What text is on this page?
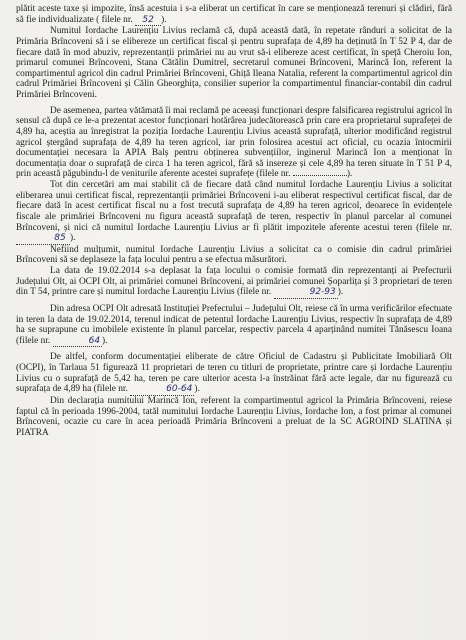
plătit aceste taxe și impozite, însă acestuia i s-a eliberat un certificat în care se menționează terenuri și clădiri, fără să fie individualizate ( filele nr. 52 ).

Numitul Iordache Laurențiu Livius reclamă că, după această dată, în repetate rânduri a solicitat de la Primăria Brîncoveni să i se elibereze un certificat fiscal și pentru suprafața de 4,89 ha deținută în T 52 P 4, dar de fiecare dată în mod abuziv, reprezentanții primăriei nu au vrut să-i elibereze acest certificat, în speță Cheroiu Ion, primarul comunei Brîncoveni, Stana Cătălin Dumitrel, secretarul comunei Brîncoveni, Marincă Ion, referent la compartimentul agricol din cadrul Primăriei Brîncoveni, Ghiță Ileana Natalia, referent la compartimentul agricol din cadrul Primăriei Brîncoveni și Călin Gheorghița, consilier superior la compartimentul financiar-contabil din cadrul Primăriei Brîncoveni.

De asemenea, partea vătămată îi mai reclamă pe aceeași funcționari despre falsificarea registrului agricol în sensul că după ce le-a prezentat acestor funcționari hotărârea judecătorească prin care era proprietarul suprafeței de 4,89 ha, aceștia au înregistrat la poziția Iordache Laurențiu Livius această suprafață, ulterior modificând registrul agricol ștergând suprafața de 4,89 ha teren agricol, iar prin folosirea acestui act oficial, cu ocazia întocmirii documentației necesara la APIA Balș pentru obținerea subvențiilor, inginerul Marincă Ion a menționat în documentația doar o suprafață de circa 1 ha teren agricol, fără să insereze și cele 4,89 ha teren situate în T 51 P 4, prin această păgubindu-l de veniturile aferente acestei suprafețe (filele nr.	).

Tot din cercetări am mai stabilit că de fiecare dată când numitul Iordache Laurențiu Livius a solicitat eliberarea unui certificat fiscal, reprezentanții primăriei Brîncoveni i-au eliberat respectivul certificat fiscal, dar de fiecare dată în acest certificat fiscal nu a fost trecută suprafața de 4,89 ha teren agricol, deoarece în evidențele fiscale ale primăriei Brîncoveni nu figura această suprafață de teren, respectiv în planul parcelar al comunei Brîncoveni, și nici că numitul Iordache Laurențiu Livius ar fi plătit impozitele aferente acestui teren (filele nr. 85 ).

Nefiind mulțumit, numitul Iordache Laurențiu Livius a solicitat ca o comisie din cadrul primăriei Brîncoveni să se deplaseze la fața locului pentru a se efectua măsurători.

La data de 19.02.2014 s-a deplasat la fața locului o comisie formată din reprezentanți ai Prefecturii Județului Olt, ai OCPI Olt, ai primăriei comunei Brîncoveni, ai primăriei comunei Șoparlița și 3 proprietari de teren din T 54, printre care și numitul Iordache Laurențiu Livius (filele nr.	92-93 ).

Din adresa OCPI Olt adresată Instituției Prefectului – Județului Olt, reiese că în urma verificărilor efectuate in teren la data de 19.02.2014, terenul indicat de petentul Iordache Laurențiu Livius, respectiv în suprafața de 4,89 ha se suprapune cu imobilele existente în planul parcelar, respectiv parcela 4 aparținând numitei Tănăsescu Ioana (filele nr.	64 ).

De altfel, conform documentației eliberate de către Oficiul de Cadastru și Publicitate Imobiliară Olt (OCPI), în Tarlaua 51 figurează 11 proprietari de teren cu titluri de proprietate, printre care și Iordache Laurențiu Livius cu o suprafață de 5,42 ha, teren pe care ulterior acesta l-a înstrăinat fără acte legale, dar nu figurează cu suprafața de 4,89 ha (filele nr.	60-64 ).

Din declarația numitului Marincă Ion, referent la compartimentul agricol la Primăria Brîncoveni, reiese faptul că în perioada 1996-2004, tatăl numitului Iordache Laurențiu Livius, Iordache Ion, a fost primar al comunei Brîncoveni, ocazie cu care în acea perioadă Primăria Brîncoveni a preluat de la SC AGROIND SLATINA și PIATRA
